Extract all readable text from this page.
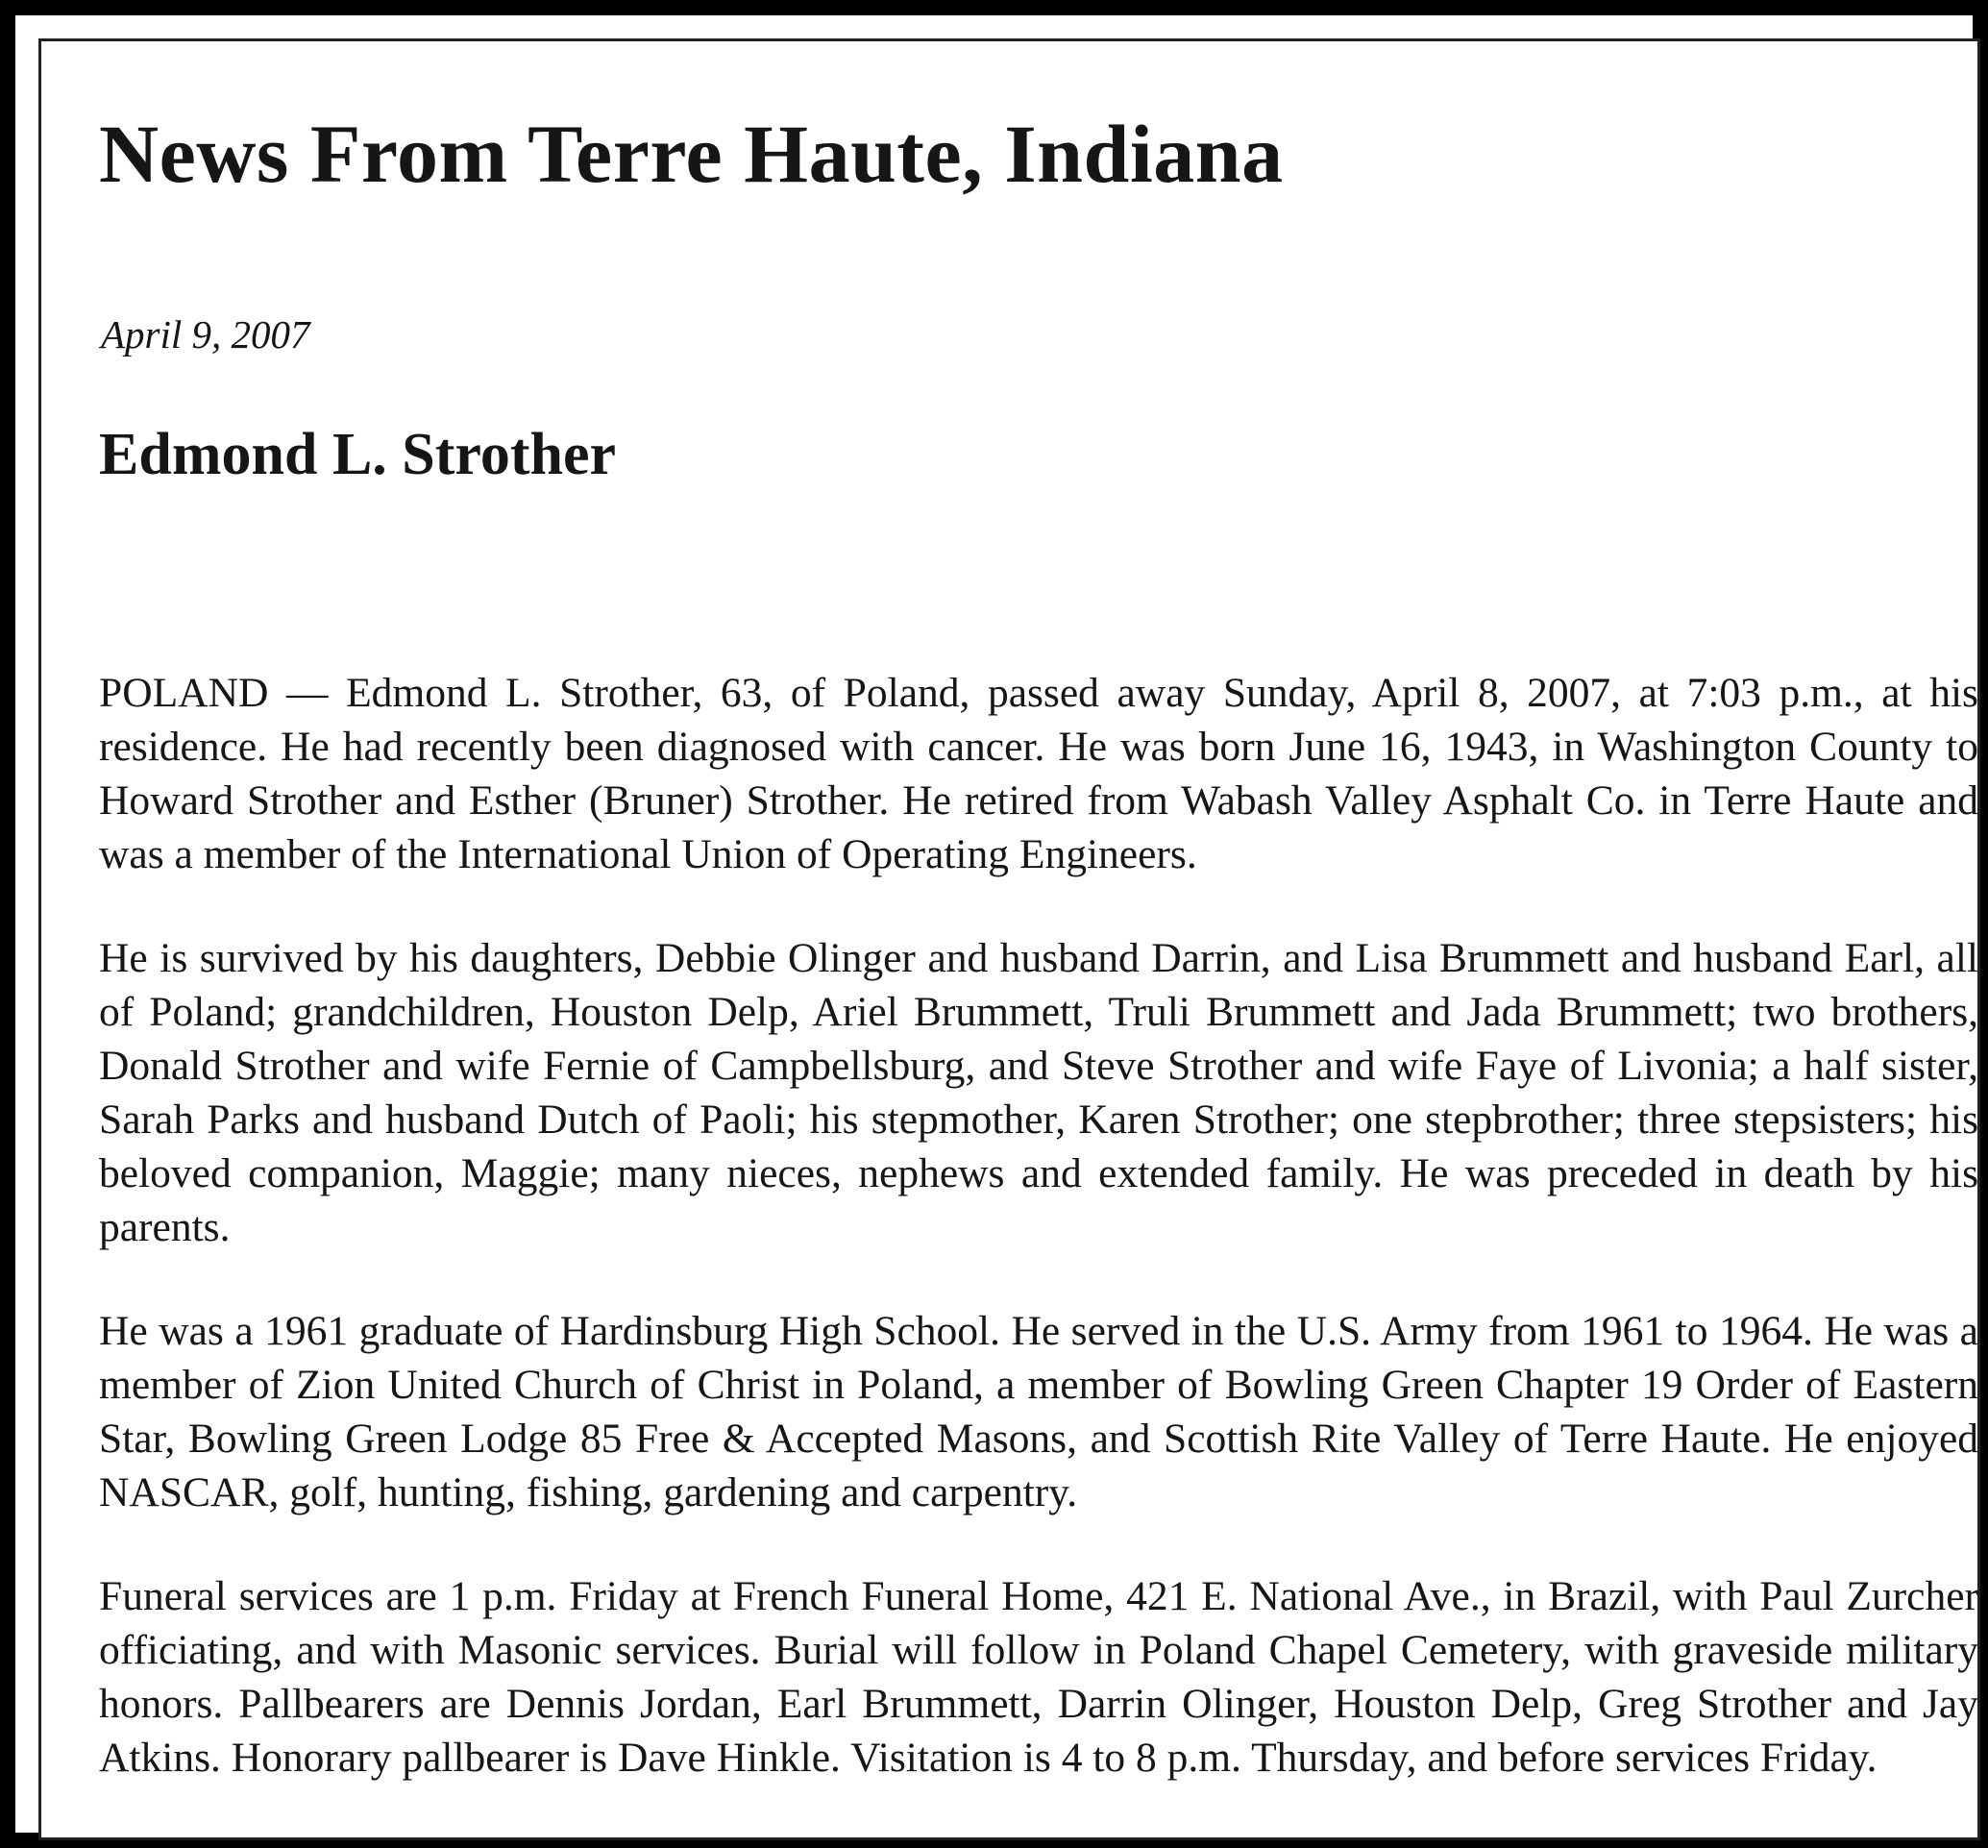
News From Terre Haute, Indiana
April 9, 2007
Edmond L. Strother

POLAND — Edmond L. Strother, 63, of Poland, passed away Sunday, April 8, 2007, at 7:03 p.m., at his residence. He had recently been diagnosed with cancer. He was born June 16, 1943, in Washington County to Howard Strother and Esther (Bruner) Strother. He retired from Wabash Valley Asphalt Co. in Terre Haute and was a member of the International Union of Operating Engineers.

He is survived by his daughters, Debbie Olinger and husband Darrin, and Lisa Brummett and husband Earl, all of Poland; grandchildren, Houston Delp, Ariel Brummett, Truli Brummett and Jada Brummett; two brothers, Donald Strother and wife Fernie of Campbellsburg, and Steve Strother and wife Faye of Livonia; a half sister, Sarah Parks and husband Dutch of Paoli; his stepmother, Karen Strother; one stepbrother; three stepsisters; his beloved companion, Maggie; many nieces, nephews and extended family. He was preceded in death by his parents.

He was a 1961 graduate of Hardinsburg High School. He served in the U.S. Army from 1961 to 1964. He was a member of Zion United Church of Christ in Poland, a member of Bowling Green Chapter 19 Order of Eastern Star, Bowling Green Lodge 85 Free & Accepted Masons, and Scottish Rite Valley of Terre Haute. He enjoyed NASCAR, golf, hunting, fishing, gardening and carpentry.

Funeral services are 1 p.m. Friday at French Funeral Home, 421 E. National Ave., in Brazil, with Paul Zurcher officiating, and with Masonic services. Burial will follow in Poland Chapel Cemetery, with graveside military honors. Pallbearers are Dennis Jordan, Earl Brummett, Darrin Olinger, Houston Delp, Greg Strother and Jay Atkins. Honorary pallbearer is Dave Hinkle. Visitation is 4 to 8 p.m. Thursday, and before services Friday.
